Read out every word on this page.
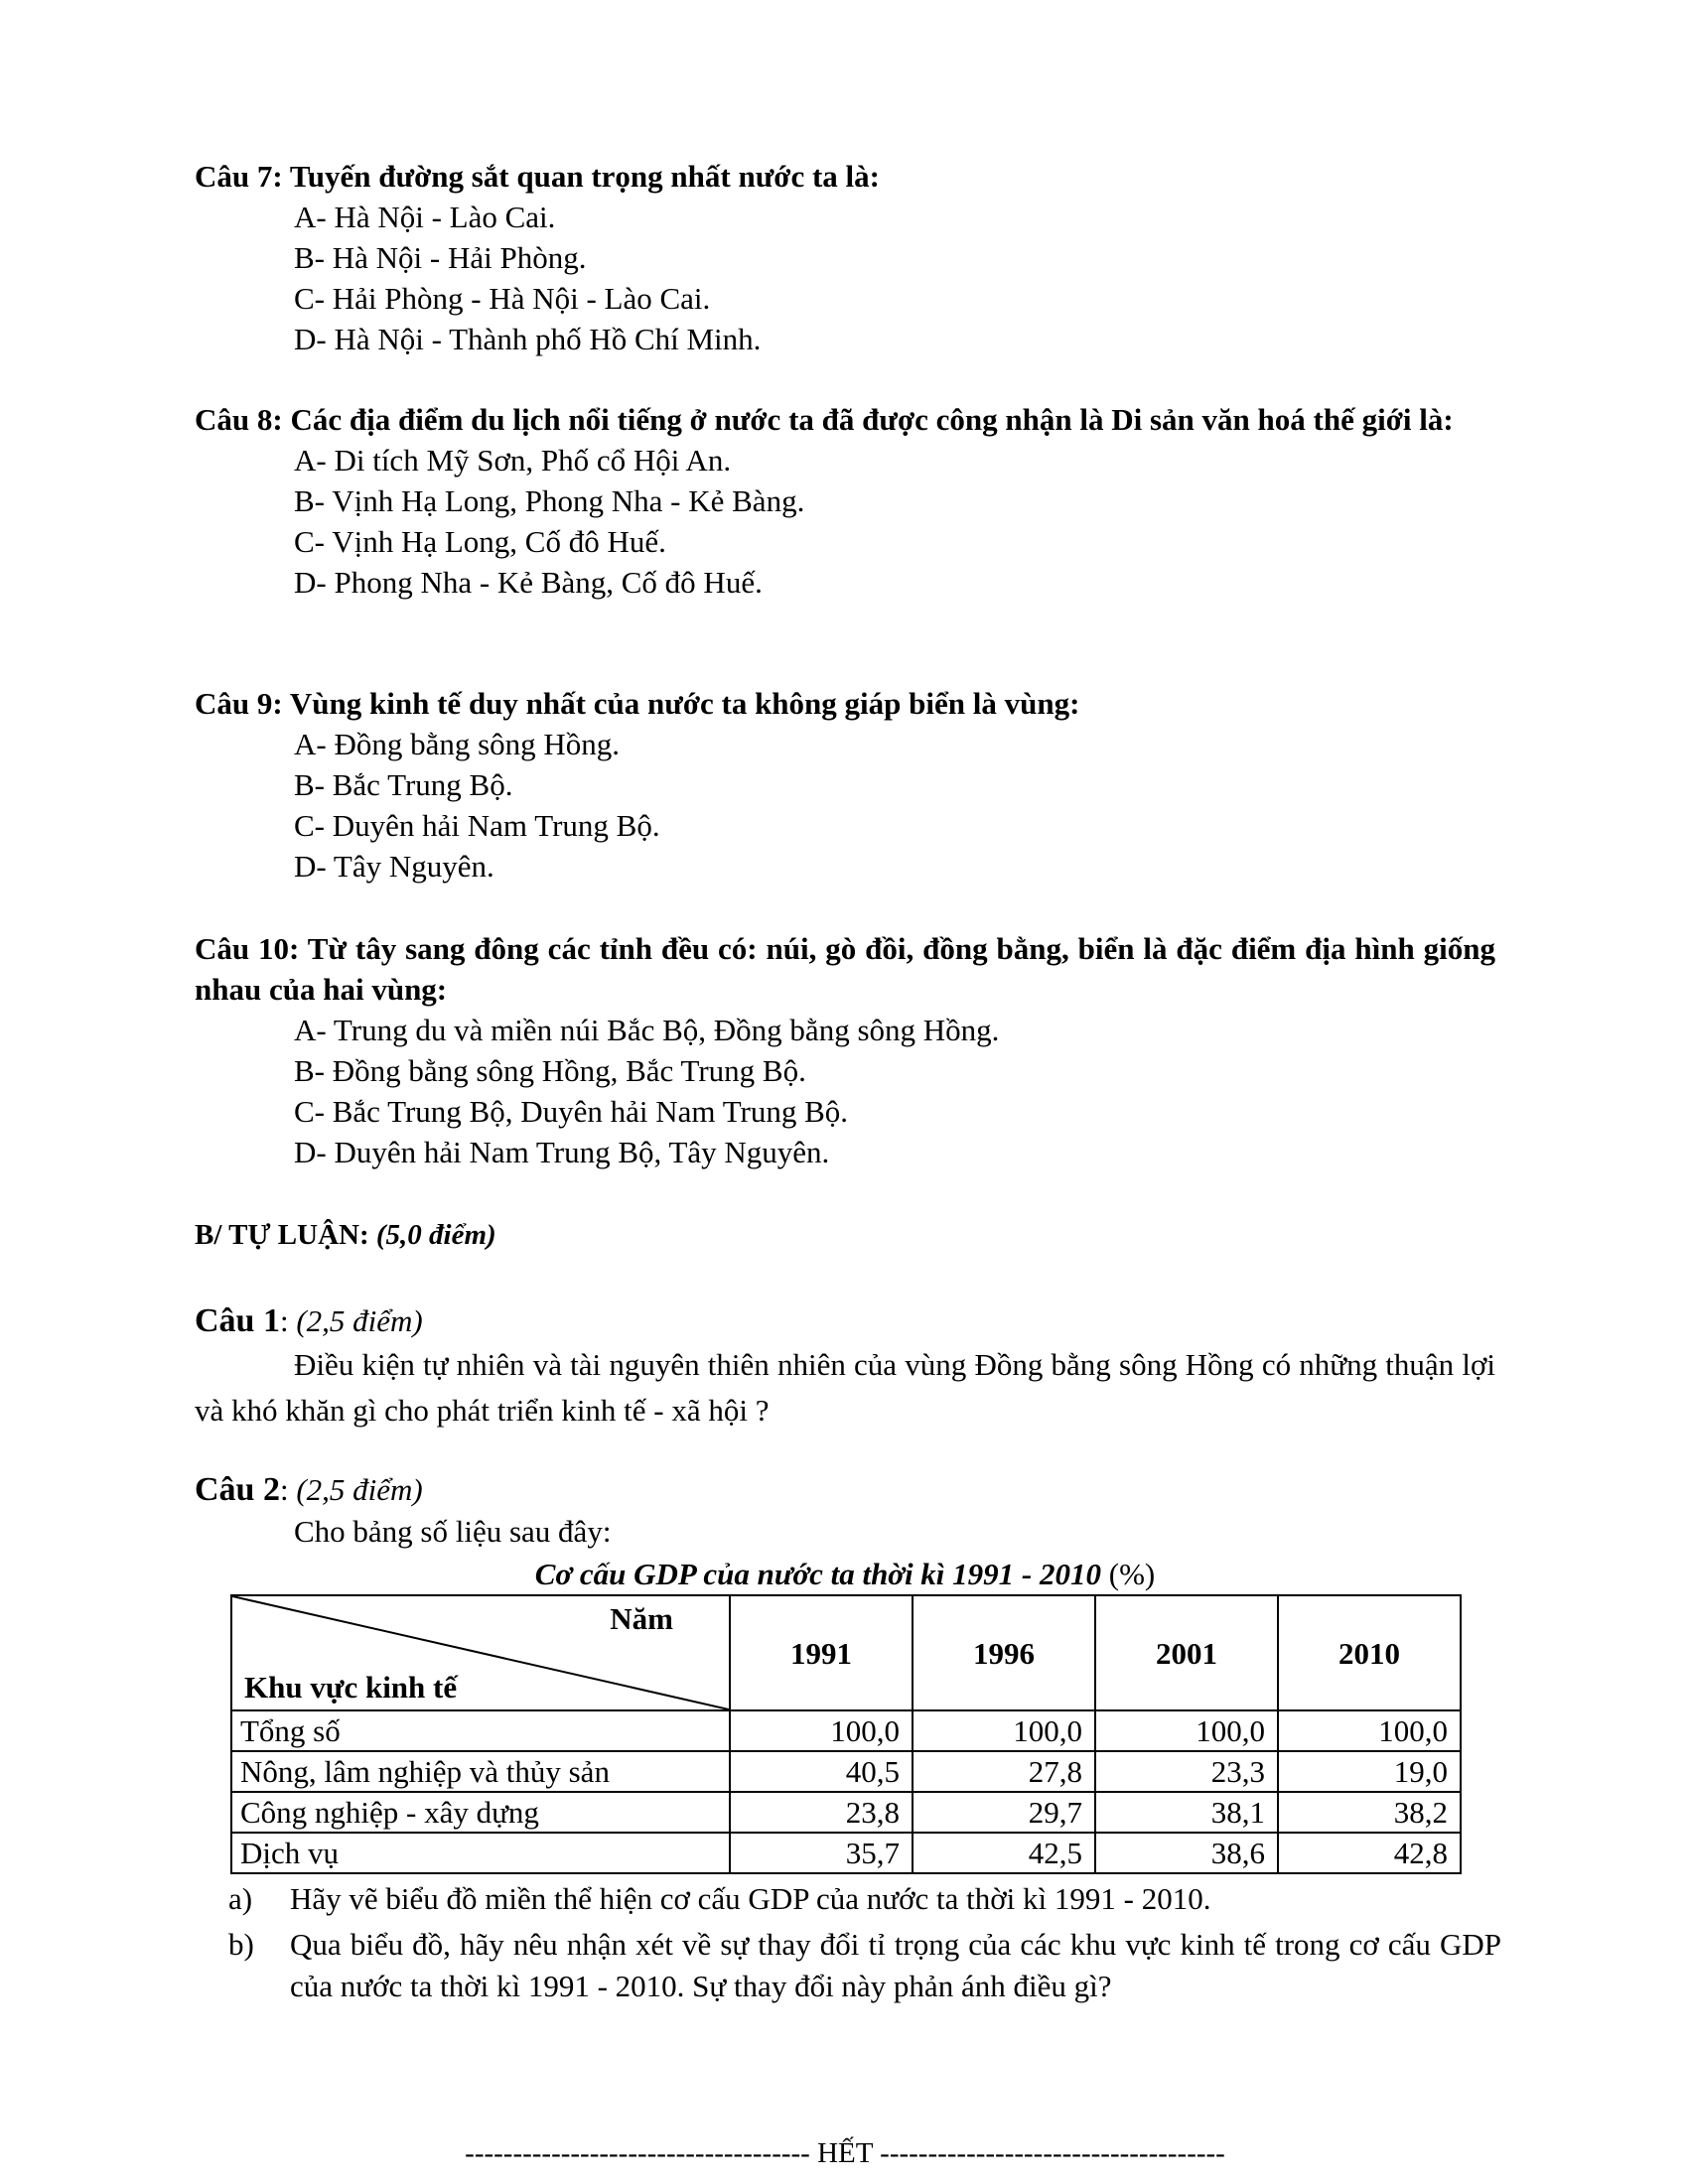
Câu 7: Tuyến đường sắt quan trọng nhất nước ta là:
A- Hà Nội - Lào Cai.
B- Hà Nội - Hải Phòng.
C- Hải Phòng - Hà Nội - Lào Cai.
D- Hà Nội - Thành phố Hồ Chí Minh.
Câu 8: Các địa điểm du lịch nổi tiếng ở nước ta đã được công nhận là Di sản văn hoá thế giới là:
A- Di tích Mỹ Sơn, Phố cổ Hội An.
B- Vịnh Hạ Long, Phong Nha - Kẻ Bàng.
C- Vịnh Hạ Long, Cố đô Huế.
D- Phong Nha - Kẻ Bàng, Cố đô Huế.
Câu 9: Vùng kinh tế duy nhất của nước ta không giáp biển là vùng:
A- Đồng bằng sông Hồng.
B- Bắc Trung Bộ.
C- Duyên hải Nam Trung Bộ.
D- Tây Nguyên.
Câu 10: Từ tây sang đông các tỉnh đều có: núi, gò đồi, đồng bằng, biển là đặc điểm địa hình giống nhau của hai vùng:
A- Trung du và miền núi Bắc Bộ, Đồng bằng sông Hồng.
B- Đồng bằng sông Hồng, Bắc Trung Bộ.
C- Bắc Trung Bộ, Duyên hải Nam Trung Bộ.
D- Duyên hải Nam Trung Bộ, Tây Nguyên.
B/ TỰ LUẬN: (5,0 điểm)
Câu 1: (2,5 điểm)
Điều kiện tự nhiên và tài nguyên thiên nhiên của vùng Đồng bằng sông Hồng có những thuận lợi và khó khăn gì cho phát triển kinh tế - xã hội ?
Câu 2: (2,5 điểm)
Cho bảng số liệu sau đây:
Cơ cấu GDP của nước ta thời kì 1991 - 2010 (%)
Năm
Khu vực kinh tế	1991	1996	2001	2010
Tổng số	100,0	100,0	100,0	100,0
Nông, lâm nghiệp và thủy sản	40,5	27,8	23,3	19,0
Công nghiệp - xây dựng	23,8	29,7	38,1	38,2
Dịch vụ	35,7	42,5	38,6	42,8
a) Hãy vẽ biểu đồ miền thể hiện cơ cấu GDP của nước ta thời kì 1991 - 2010.
b) Qua biểu đồ, hãy nêu nhận xét về sự thay đổi tỉ trọng của các khu vực kinh tế trong cơ cấu GDP của nước ta thời kì 1991 - 2010. Sự thay đổi này phản ánh điều gì?
------------------------------------ HẾT ------------------------------------
